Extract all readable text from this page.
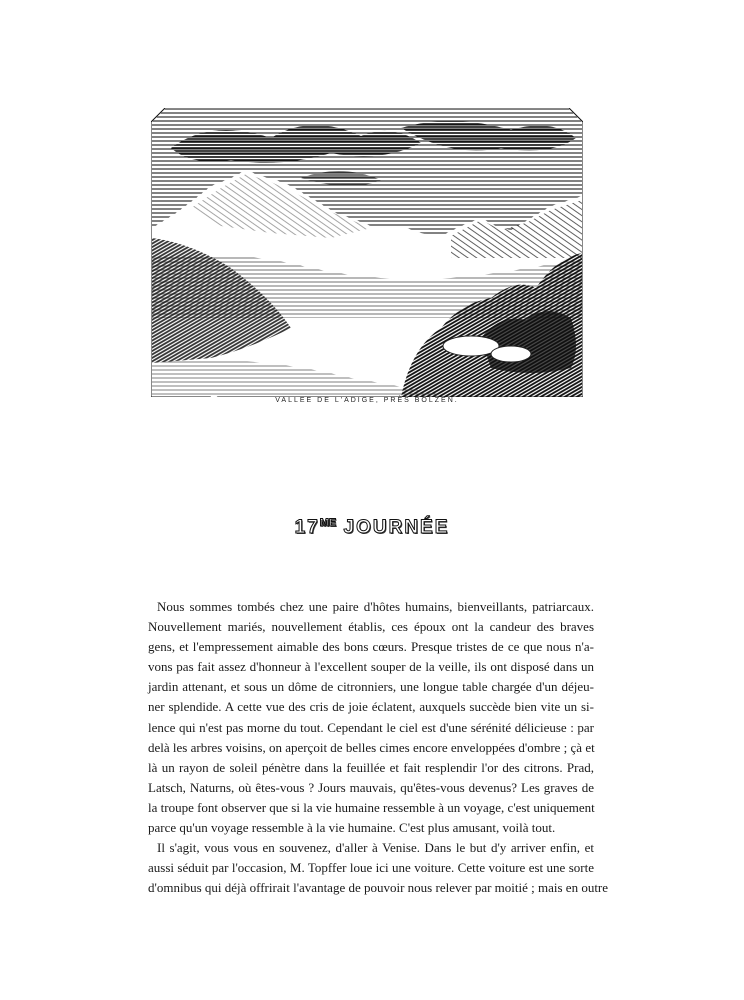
VALLEE DE L'ADIGE, PRÈS BOLZEN.
$17^{ME}$ JOURNÉE
Nous sommes tombés chez une paire d'hôtes humains, bienveillants, patriarcaux.
Nouvellement mariés, nouvellement établis, ces époux ont la candeur des braves
gens, et l'empressement aimable des bons cœurs. Presque tristes de ce que nous n'a-
vons pas fait assez d'honneur à l'excellent souper de la veille, ils ont disposé dans un
jardin attenant, et sous un dôme de citronniers, une longue table chargée d'un déjeu-
ner splendide. A cette vue des cris de joie éclatent, auxquels succède bien vite un si-
lence qui n'est pas morne du tout. Cependant le ciel est d'une sérénité délicieuse : par
delà les arbres voisins, on aperçoit de belles cimes encore enveloppées d'ombre ; çà et
là un rayon de soleil pénètre dans la feuillée et fait resplendir l'or des citrons. Prad,
Latsch, Naturns, où êtes-vous ? Jours mauvais, qu'êtes-vous devenus? Les graves de
la troupe font observer que si la vie humaine ressemble à un voyage, c'est uniquement
parce qu'un voyage ressemble à la vie humaine. C'est plus amusant, voilà tout.
Il s'agit, vous vous en souvenez, d'aller à Venise. Dans le but d'y arriver enfin, et
aussi séduit par l'occasion, M. Topffer loue ici une voiture. Cette voiture est une sorte
d'omnibus qui déjà offrirait l'avantage de pouvoir nous relever par moitié ; mais en outre
